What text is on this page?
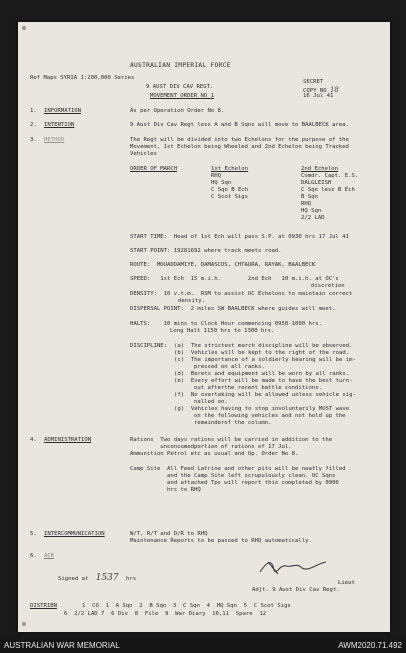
AUSTRALIAN IMPERIAL FORCE
Ref Maps SYRIA 1:200,000 Series
9 AUST DIV CAV REGT.
MOVEMENT ORDER NO 1
SECRET
COPY NO 18
16 Jul 41
1. INFORMATION	As per Operation Order No 8.
2. INTENTION	9 Aust Div Cav Regt less A and B Sqns will move to BAALBECK area.
3. METHOD	The Regt will be divided into two Echelons for the purpose of the
Movement, 1st Echelon being Wheeled and 2nd Echelon being Tracked
Vehicles
ORDER OF MARCH	1st Echelon
RHQ
HQ Sqn
C Sqn B Ech
C Scot Sigs
2nd Echelon
Comdr. Capt. E.S.
DALGLEISH
C Sqn less B Ech
B Sqn
RHQ
HQ Sqn
2/2 LAD
START TIME:  Head of 1st Ech will pass S.P. at 0930 hrs 17 Jul 41
START POINT: 19281692 where track meets road.
ROUTE:  MOUADDAMIYE, DAMASCUS, CHTAURA, RAYAK, BAALBECK
SPEED:   1st Ech  15 m.i.h.        2nd Ech   10 m.i.h. at OC's
discretion
DENSITY:  10 v.t.m.  RSM to assist OC Echelons to maintain correct
density.
DISPERSAL POINT:  2 miles SW BAALBECK where guides will meet.
HALTS:    10 mins to Clock Hour commencing 0950-1000 hrs.
Long Halt 1150 hrs to 1300 hrs.
DISCIPLINE: (a) The strictest march discipline will be observed.
(b) Vehicles will be kept to the right of the road.
(c) The importance of a soldierly bearing will be im-
pressed on all ranks.
(d) Berets and equipment will be worn by all ranks.
(e) Every effort will be made to have the best turn-
out afterthe recent battle conditions.
(f) No overtaking will be allowed unless vehicle sig-
nalled on.
(g) Vehicles having to stop involuntarily MUST wave
on the following vehicles and not hold up the
remainderof the column.
4. ADMINISTRATION	Rations  Two days rations will be carried in addition to the
unconsumedportion of rations of 17 Jul.
Ammunition Petrol etc as usual and Op. Order No 8.
Camp Site  All Feed Latrine and other pits will be neatly filled
and the Camp Site left scrupulously clean. OC Sqns
and attached Tps will report this completed by 0900
hrs to RHQ
5. INTERCOMMUNICATION	W/T, R/T and D/R to RHQ
Maintenance Reports to be passed to RHQ automatically.
6. ACK
Signed at 1537 hrs
Lieut
Adjt. 9 Aust Div Cav Regt.
DISTRIBN	1  CO  1  A Sqn  2  B Sqn  3  C Sqn  4  HQ Sqn  5  C Scot Sigs
6  2/2 LAD 7  6 Div  8  File  9  War Diary  10,11  Spare  12
AUSTRALIAN WAR MEMORIAL	AWM2020.71.492
